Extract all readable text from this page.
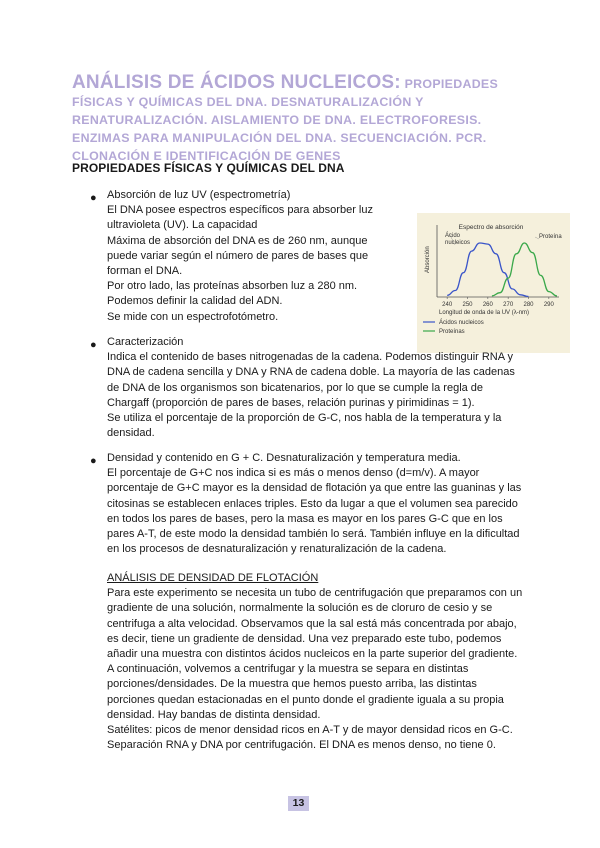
ANÁLISIS DE ÁCIDOS NUCLEICOS: PROPIEDADES FÍSICAS Y QUÍMICAS DEL DNA. DESNATURALIZACIÓN Y RENATURALIZACIÓN. AISLAMIENTO DE DNA. ELECTROFORESIS. ENZIMAS PARA MANIPULACIÓN DEL DNA. SECUENCIACIÓN. PCR. CLONACIÓN E IDENTIFICACIÓN DE GENES
PROPIEDADES FÍSICAS Y QUÍMICAS DEL DNA
● Absorción de luz UV (espectrometría)

El DNA posee espectros específicos para absorber luz

ultravioleta (UV). La capacidad

Máxima de absorción del DNA es de 260 nm, aunque

puede variar según el número de pares de bases que

forman el DNA.

Por otro lado, las proteínas absorben luz a 280 nm.

Podemos definir la calidad del ADN.

Se mide con un espectrofotómetro.

Espectro de absorción
Ácido
nucleicos
Proteína
Absorción
240 250 260 270 280 290
Longitud de onda de la UV (λ-nm)
Ácidos nucleicos
Proteínas
● Caracterización

Indica el contenido de bases nitrogenadas de la cadena. Podemos distinguir RNA y

DNA de cadena sencilla y DNA y RNA de cadena doble. La mayoría de las cadenas

de DNA de los organismos son bicatenarios, por lo que se cumple la regla de

Chargaff (proporción de pares de bases, relación purinas y pirimidinas = 1).

Se utiliza el porcentaje de la proporción de G-C, nos habla de la temperatura y la

densidad.

● Densidad y contenido en G + C. Desnaturalización y temperatura media.

El porcentaje de G+C nos indica si es más o menos denso (d=m/v). A mayor

porcentaje de G+C mayor es la densidad de flotación ya que entre las guaninas y las

citosinas se establecen enlaces triples. Esto da lugar a que el volumen sea parecido

en todos los pares de bases, pero la masa es mayor en los pares G-C que en los

pares A-T, de este modo la densidad también lo será. También influye en la dificultad

en los procesos de desnaturalización y renaturalización de la cadena.

ANÁLISIS DE DENSIDAD DE FLOTACIÓN

Para este experimento se necesita un tubo de centrifugación que preparamos con un

gradiente de una solución, normalmente la solución es de cloruro de cesio y se

centrifuga a alta velocidad. Observamos que la sal está más concentrada por abajo,

es decir, tiene un gradiente de densidad. Una vez preparado este tubo, podemos

añadir una muestra con distintos ácidos nucleicos en la parte superior del gradiente.

A continuación, volvemos a centrifugar y la muestra se separa en distintas

porciones/densidades. De la muestra que hemos puesto arriba, las distintas

porciones quedan estacionadas en el punto donde el gradiente iguala a su propia

densidad. Hay bandas de distinta densidad.

Satélites: picos de menor densidad ricos en A-T y de mayor densidad ricos en G-C.

Separación RNA y DNA por centrifugación. El DNA es menos denso, no tiene 0.

13
